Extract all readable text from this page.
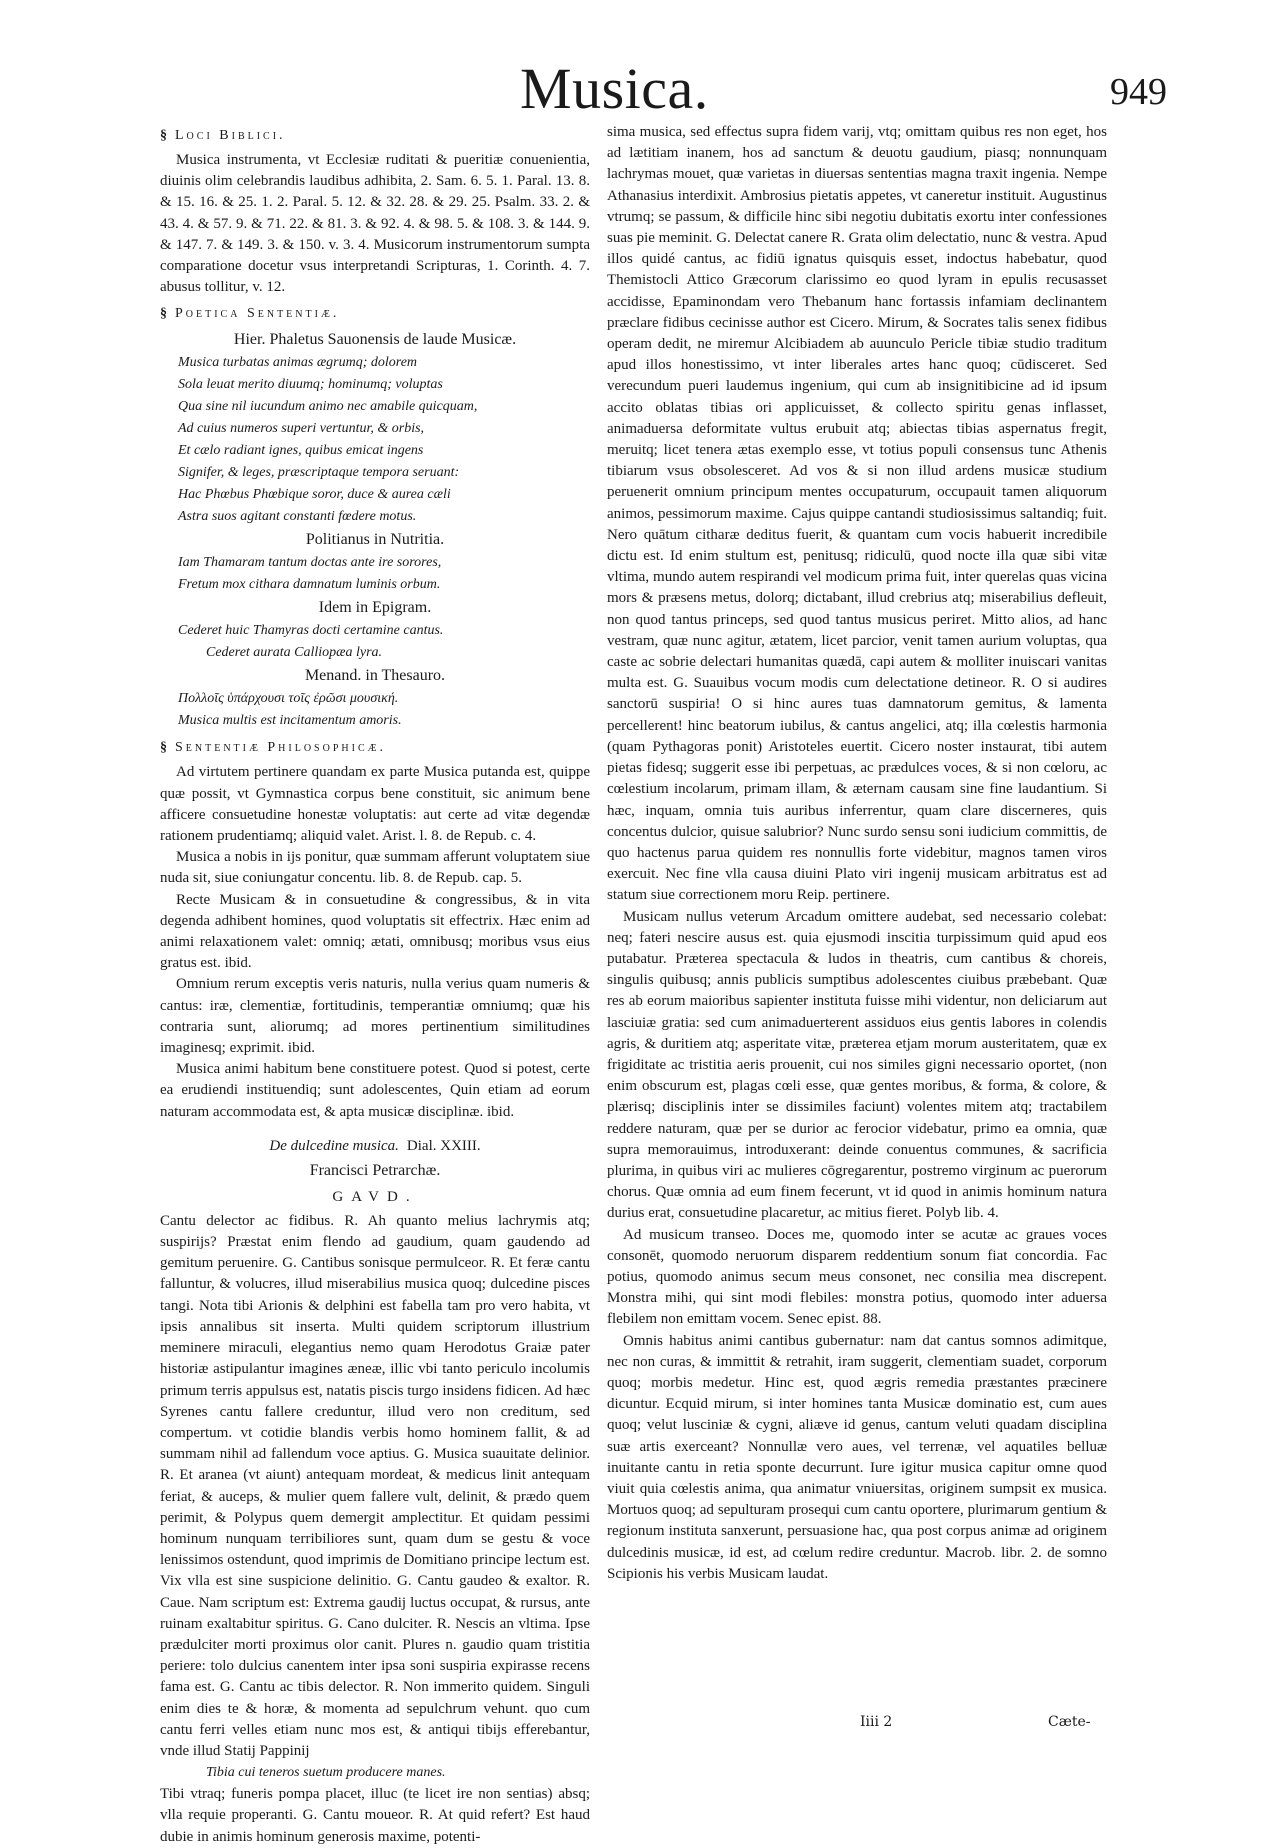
Musica.	949
§ Loci Biblici.

Musica instrumenta, vt Ecclesiæ ruditati & pueritiæ conuenientia, diuinis olim celebrandis laudibus adhibita, 2. Sam. 6. 5. 1. Paral. 13. 8. & 15. 16. & 25. 1. 2. Paral. 5. 12. & 32. 28. & 29. 25. Psalm. 33. 2. & 43. 4. & 57. 9. & 71. 22. & 81. 3. & 92. 4. & 98. 5. & 108. 3. & 144. 9. & 147. 7. & 149. 3. & 150. v. 3. 4. Musicorum instrumentorum sumpta comparatione docetur vsus interpretandi Scripturas, 1. Corinth. 4. 7. abusus tollitur, v. 12.

§ Poetica Sententiæ.
Hier. Phaletus Sauonensis de laude Musicæ.
Musica turbatas animas ægrumq; dolorem
Sola leuat merito diuumq; hominumq; voluptas
Qua sine nil iucundum animo nec amabile quicquam,
Ad cuius numeros superi vertuntur, & orbis,
Et cælo radiant ignes, quibus emicat ingens
Signifer, & leges, præscriptaque tempora seruant:
Hac Phœbus Phœbique soror, duce & aurea cæli
Astra suos agitant constanti fœdere motus.
Politianus in Nutritia.
Iam Thamaram tantum doctas ante ire sorores,
Fretum mox cithara damnatum luminis orbum.
Idem in Epigram.
Cederet huic Thamyras docti certamine cantus.
Cederet aurata Calliopæa lyra.
Menand. in Thesauro.
Πολλοῖς ὑπάρχουσι τοῖς ἐρῶσι μουσική.
Musica multis est incitamentum amoris.
§ Sententiæ Philosophicæ.

Ad virtutem pertinere quandam ex parte Musica putanda est, quippe quæ possit, vt Gymnastica corpus bene constituit, sic animum bene afficere consuetudine honestæ voluptatis: aut certe ad vitæ degendæ rationem prudentiamq; aliquid valet. Arist. l. 8. de Repub. c. 4.

Musica a nobis in ijs ponitur, quæ summam afferunt voluptatem siue nuda sit, siue coniungatur concentu. lib. 8. de Repub. cap. 5.

Recte Musicam & in consuetudine & congressibus, & in vita degenda adhibent homines, quod voluptatis sit effectrix. Hæc enim ad animi relaxationem valet: omniq; ætati, omnibusq; moribus vsus eius gratus est. ibid.

Omnium rerum exceptis veris naturis, nulla verius quam numeris & cantus: iræ, clementiæ, fortitudinis, temperantiæ omniumq; quæ his contraria sunt, aliorumq; ad mores pertinentium similitudines imaginesq; exprimit. ibid.

Musica animi habitum bene constituere potest. Quod si potest, certe ea erudiendi instituendiq; sunt adolescentes, Quin etiam ad eorum naturam accommodata est, & apta musicæ disciplinæ. ibid.

De dulcedine musica. Dial. XXIII.
Francisci Petrarchæ.
GAVD.

Cantu delector ac fidibus. R. Ah quanto melius lachrymis atq; suspirijs? Præstat enim flendo ad gaudium, quam gaudendo ad gemitum peruenire. G. Cantibus sonisque permulceor. R. Et feræ cantu falluntur, & volucres, illud miserabilius musica quoq; dulcedine pisces tangi. Nota tibi Arionis & delphini est fabella tam pro vero habita, vt ipsis annalibus sit inserta. Multi quidem scriptorum illustrium meminere miraculi, elegantius nemo quam Herodotus Graiæ pater historiæ astipulantur imagines æneæ, illic vbi tanto periculo incolumis primum terris appulsus est, natatis piscis turgo insidens fidicen. Ad hæc Syrenes cantu fallere creduntur, illud vero non creditum, sed compertum. vt cotidie blandis verbis homo hominem fallit, & ad summam nihil ad fallendum voce aptius. G. Musica suauitate delinior. R. Et aranea (vt aiunt) antequam mordeat, & medicus linit antequam feriat, & auceps, & mulier quem fallere vult, delinit, & prædo quem perimit, & Polypus quem demergit amplectitur. Et quidam pessimi hominum nunquam terribiliores sunt, quam dum se gestu & voce lenissimos ostendunt, quod imprimis de Domitiano principe lectum est. Vix vlla est sine suspicione delinitio. G. Cantu gaudeo & exaltor. R. Caue. Nam scriptum est: Extrema gaudij luctus occupat, & rursus, ante ruinam exaltabitur spiritus. G. Cano dulciter. R. Nescis an vltima. Ipse prædulciter morti proximus olor canit. Plures n. gaudio quam tristitia periere: tolo dulcius canentem inter ipsa soni suspiria expirasse recens fama est. G. Cantu ac tibis delector. R. Non immerito quidem. Singuli enim dies te & horæ, & momenta ad sepulchrum vehunt. quo cum cantu ferri velles etiam nunc mos est, & antiqui tibijs efferebantur, vnde illud Statij Pappinij

Tibia cui teneros suetum producere manes.

Tibi vtraq; funeris pompa placet, illuc (te licet ire non sentias) absq; vlla requie properanti. G. Cantu moueor. R. At quid refert? Est haud dubie in animis hominum generosis maxime, potenti-

sima musica, sed effectus supra fidem varij, vtq; omittam quibus res non eget, hos ad lætitiam inanem, hos ad sanctum & deuotu gaudium, piasq; nonnunquam lachrymas mouet, quæ varietas in diuersas sententias magna traxit ingenia. Nempe Athanasius interdixit. Ambrosius pietatis appetes, vt caneretur instituit. Augustinus vtrumq; se passum, & difficile hinc sibi negotiu dubitatis exortu inter confessiones suas pie meminit. G. Delectat canere R. Grata olim delectatio, nunc & vestra. Apud illos quidé cantus, ac fidiū ignatus quisquis esset, indoctus habebatur, quod Themistocli Attico Græcorum clarissimo eo quod lyram in epulis recusasset accidisse, Epaminondam vero Thebanum hanc fortassis infamiam declinantem præclare fidibus cecinisse author est Cicero. Mirum, & Socrates talis senex fidibus operam dedit, ne miremur Alcibiadem ab auunculo Pericle tibiæ studio traditum apud illos honestissimo, vt inter liberales artes hanc quoq; cūdisceret. Sed verecundum pueri laudemus ingenium, qui cum ab insignitibicine ad id ipsum accito oblatas tibias ori applicuisset, & collecto spiritu genas inflasset, animaduersa deformitate vultus erubuit atq; abiectas tibias aspernatus fregit, meruitq; licet tenera ætas exemplo esse, vt totius populi consensus tunc Athenis tibiarum vsus obsolesceret. Ad vos & si non illud ardens musicæ studium peruenerit omnium principum mentes occupaturum, occupauit tamen aliquorum animos, pessimorum maxime. Cajus quippe cantandi studiosissimus saltandiq; fuit. Nero quātum citharæ deditus fuerit, & quantam cum vocis habuerit incredibile dictu est. Id enim stultum est, penitusq; ridiculū, quod nocte illa quæ sibi vitæ vltima, mundo autem respirandi vel modicum prima fuit, inter querelas quas vicina mors & præsens metus, dolorq; dictabant, illud crebrius atq; miserabilius defleuit, non quod tantus princeps, sed quod tantus musicus periret. Mitto alios, ad hanc vestram, quæ nunc agitur, ætatem, licet parcior, venit tamen aurium voluptas, qua caste ac sobrie delectari humanitas quædā, capi autem & molliter inuiscari vanitas multa est. G. Suauibus vocum modis cum delectatione detineor. R. O si audires sanctorū suspiria! O si hinc aures tuas damnatorum gemitus, & lamenta percellerent! hinc beatorum iubilus, & cantus angelici, atq; illa cœlestis harmonia (quam Pythagoras ponit) Aristoteles euertit. Cicero noster instaurat, tibi autem pietas fidesq; suggerit esse ibi perpetuas, ac prædulces voces, & si non cœloru, ac cœlestium incolarum, primam illam, & æternam causam sine fine laudantium. Si hæc, inquam, omnia tuis auribus inferrentur, quam clare discerneres, quis concentus dulcior, quisue salubrior? Nunc surdo sensu soni iudicium committis, de quo hactenus parua quidem res nonnullis forte videbitur, magnos tamen viros exercuit. Nec fine vlla causa diuini Plato viri ingenij musicam arbitratus est ad statum siue correctionem moru Reip. pertinere.

Musicam nullus veterum Arcadum omittere audebat, sed necessario colebat: neq; fateri nescire ausus est. quia ejusmodi inscitia turpissimum quid apud eos putabatur. Præterea spectacula & ludos in theatris, cum cantibus & choreis, singulis quibusq; annis publicis sumptibus adolescentes ciuibus præbebant. Quæ res ab eorum maioribus sapienter instituta fuisse mihi videntur, non deliciarum aut lasciuiæ gratia: sed cum animaduerterent assiduos eius gentis labores in colendis agris, & duritiem atq; asperitate vitæ, præterea etjam morum austeritatem, quæ ex frigiditate ac tristitia aeris prouenit, cui nos similes gigni necessario oportet, (non enim obscurum est, plagas cœli esse, quæ gentes moribus, & forma, & colore, & plærisq; disciplinis inter se dissimiles faciunt) volentes mitem atq; tractabilem reddere naturam, quæ per se durior ac ferocior videbatur, primo ea omnia, quæ supra memorauimus, introduxerant: deinde conuentus communes, & sacrificia plurima, in quibus viri ac mulieres cōgregarentur, postremo virginum ac puerorum chorus. Quæ omnia ad eum finem fecerunt, vt id quod in animis hominum natura durius erat, consuetudine placaretur, ac mitius fieret. Polyb lib. 4.

Ad musicum transeo. Doces me, quomodo inter se acutæ ac graues voces consonēt, quomodo neruorum disparem reddentium sonum fiat concordia. Fac potius, quomodo animus secum meus consonet, nec consilia mea discrepent. Monstra mihi, qui sint modi flebiles: monstra potius, quomodo inter aduersa flebilem non emittam vocem. Senec epist. 88.

Omnis habitus animi cantibus gubernatur: nam dat cantus somnos adimitque, nec non curas, & immittit & retrahit, iram suggerit, clementiam suadet, corporum quoq; morbis medetur. Hinc est, quod ægris remedia præstantes præcinere dicuntur. Ecquid mirum, si inter homines tanta Musicæ dominatio est, cum aues quoq; velut lusciniæ & cygni, aliæve id genus, cantum veluti quadam disciplina suæ artis exerceant? Nonnullæ vero aues, vel terrenæ, vel aquatiles belluæ inuitante cantu in retia sponte decurrunt. Iure igitur musica capitur omne quod viuit quia cœlestis anima, qua animatur vniuersitas, originem sumpsit ex musica. Mortuos quoq; ad sepulturam prosequi cum cantu oportere, plurimarum gentium & regionum instituta sanxerunt, persuasione hac, qua post corpus animæ ad originem dulcedinis musicæ, id est, ad cœlum redire creduntur. Macrob. libr. 2. de somno Scipionis his verbis Musicam laudat.

Iiii 2	Cæte-
